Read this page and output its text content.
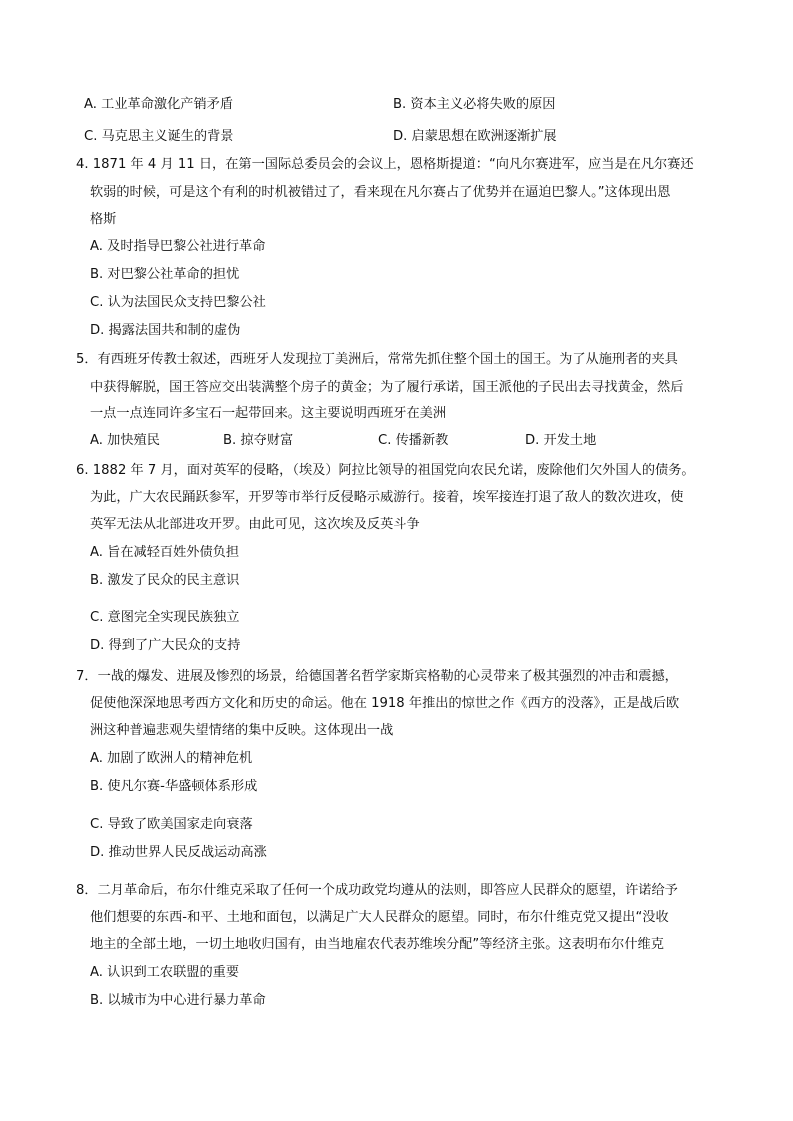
A. 工业革命激化产销矛盾	B. 资本主义必将失败的原因
C. 马克思主义诞生的背景	D. 启蒙思想在欧洲逐渐扩展
4. 1871 年 4 月 11 日，在第一国际总委员会的会议上，恩格斯提道：“向凡尔赛进军，应当是在凡尔赛还
软弱的时候，可是这个有利的时机被错过了，看来现在凡尔赛占了优势并在逼迫巴黎人。”这体现出恩
格斯
A. 及时指导巴黎公社进行革命
B. 对巴黎公社革命的担忧
C. 认为法国民众支持巴黎公社
D. 揭露法国共和制的虚伪
5．有西班牙传教士叙述，西班牙人发现拉丁美洲后，常常先抓住整个国土的国王。为了从施刑者的夹具
中获得解脱，国王答应交出装满整个房子的黄金；为了履行承诺，国王派他的子民出去寻找黄金，然后
一点一点连同许多宝石一起带回来。这主要说明西班牙在美洲
A. 加快殖民	B. 掠夺财富	C. 传播新教	D. 开发土地
6. 1882 年 7 月，面对英军的侵略，（埃及）阿拉比领导的祖国党向农民允诺，废除他们欠外国人的债务。
为此，广大农民踊跃参军，开罗等市举行反侵略示威游行。接着，埃军接连打退了敌人的数次进攻，使
英军无法从北部进攻开罗。由此可见，这次埃及反英斗争
A. 旨在减轻百姓外债负担
B. 激发了民众的民主意识
C. 意图完全实现民族独立
D. 得到了广大民众的支持
7．一战的爆发、进展及惨烈的场景，给德国著名哲学家斯宾格勒的心灵带来了极其强烈的冲击和震撼，
促使他深深地思考西方文化和历史的命运。他在 1918 年推出的惊世之作《西方的没落》，正是战后欧
洲这种普遍悲观失望情绪的集中反映。这体现出一战
A. 加剧了欧洲人的精神危机
B. 使凡尔赛-华盛顿体系形成
C. 导致了欧美国家走向衰落
D. 推动世界人民反战运动高涨
8．二月革命后，布尔什维克采取了任何一个成功政党均遵从的法则，即答应人民群众的愿望，许诺给予
他们想要的东西-和平、土地和面包，以满足广大人民群众的愿望。同时，布尔什维克党又提出“没收
地主的全部土地，一切土地收归国有，由当地雇农代表苏维埃分配”等经济主张。这表明布尔什维克
A. 认识到工农联盟的重要
B. 以城市为中心进行暴力革命
